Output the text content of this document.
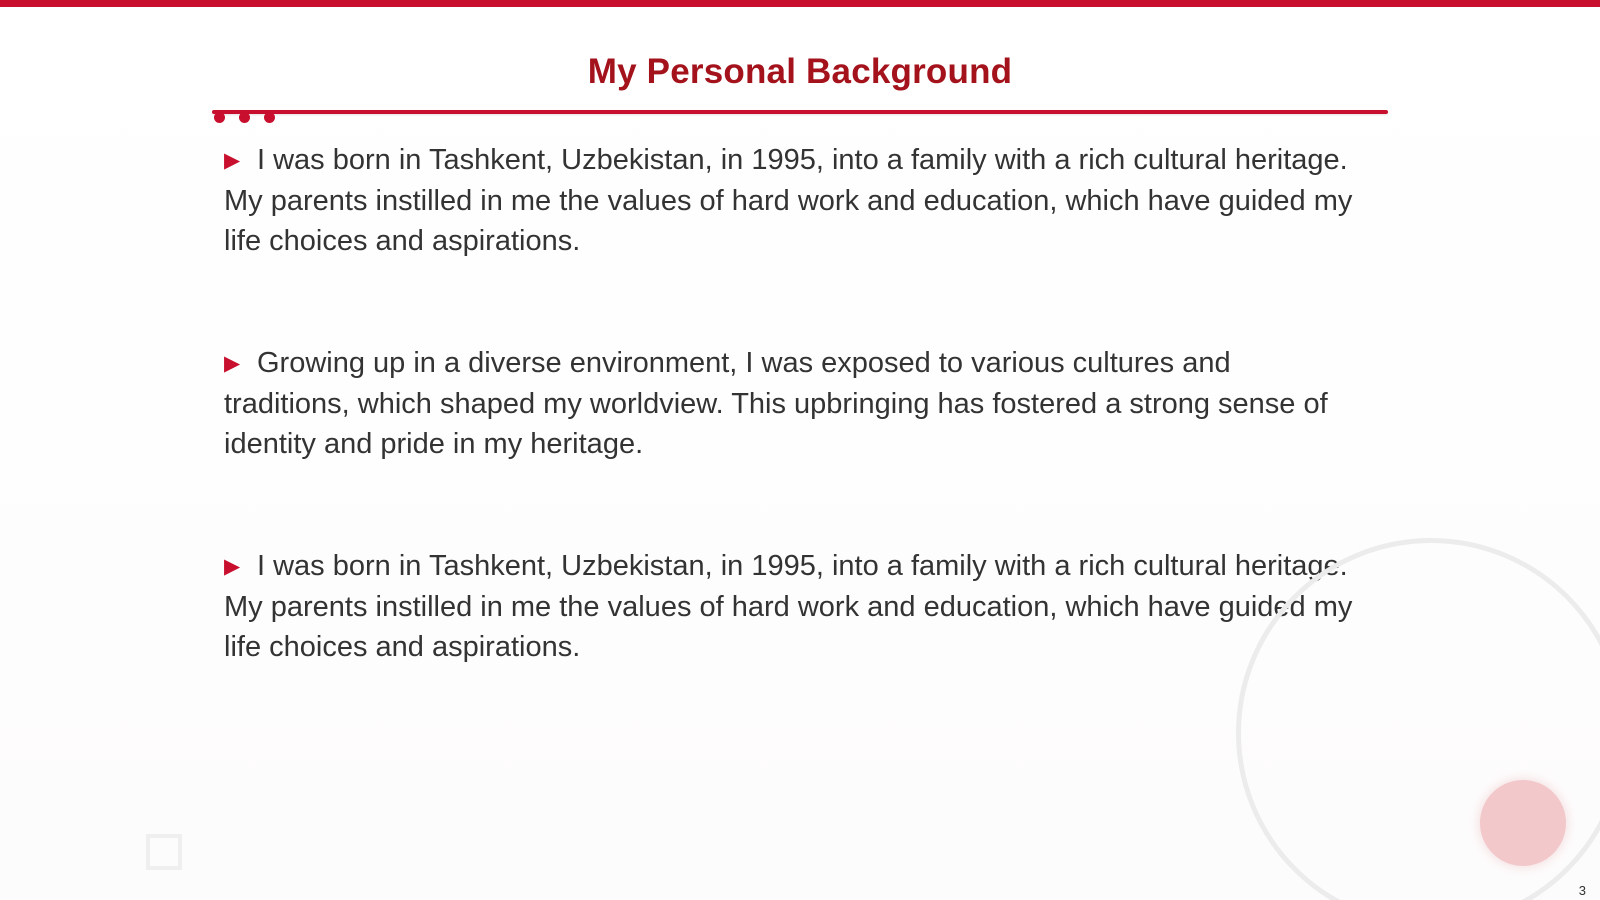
My Personal Background

▶ I was born in Tashkent, Uzbekistan, in 1995, into a family with a rich cultural heritage. My parents instilled in me the values of hard work and education, which have guided my life choices and aspirations.

▶ Growing up in a diverse environment, I was exposed to various cultures and traditions, which shaped my worldview. This upbringing has fostered a strong sense of identity and pride in my heritage.

▶ I was born in Tashkent, Uzbekistan, in 1995, into a family with a rich cultural heritage. My parents instilled in me the values of hard work and education, which have guided my life choices and aspirations.

3
